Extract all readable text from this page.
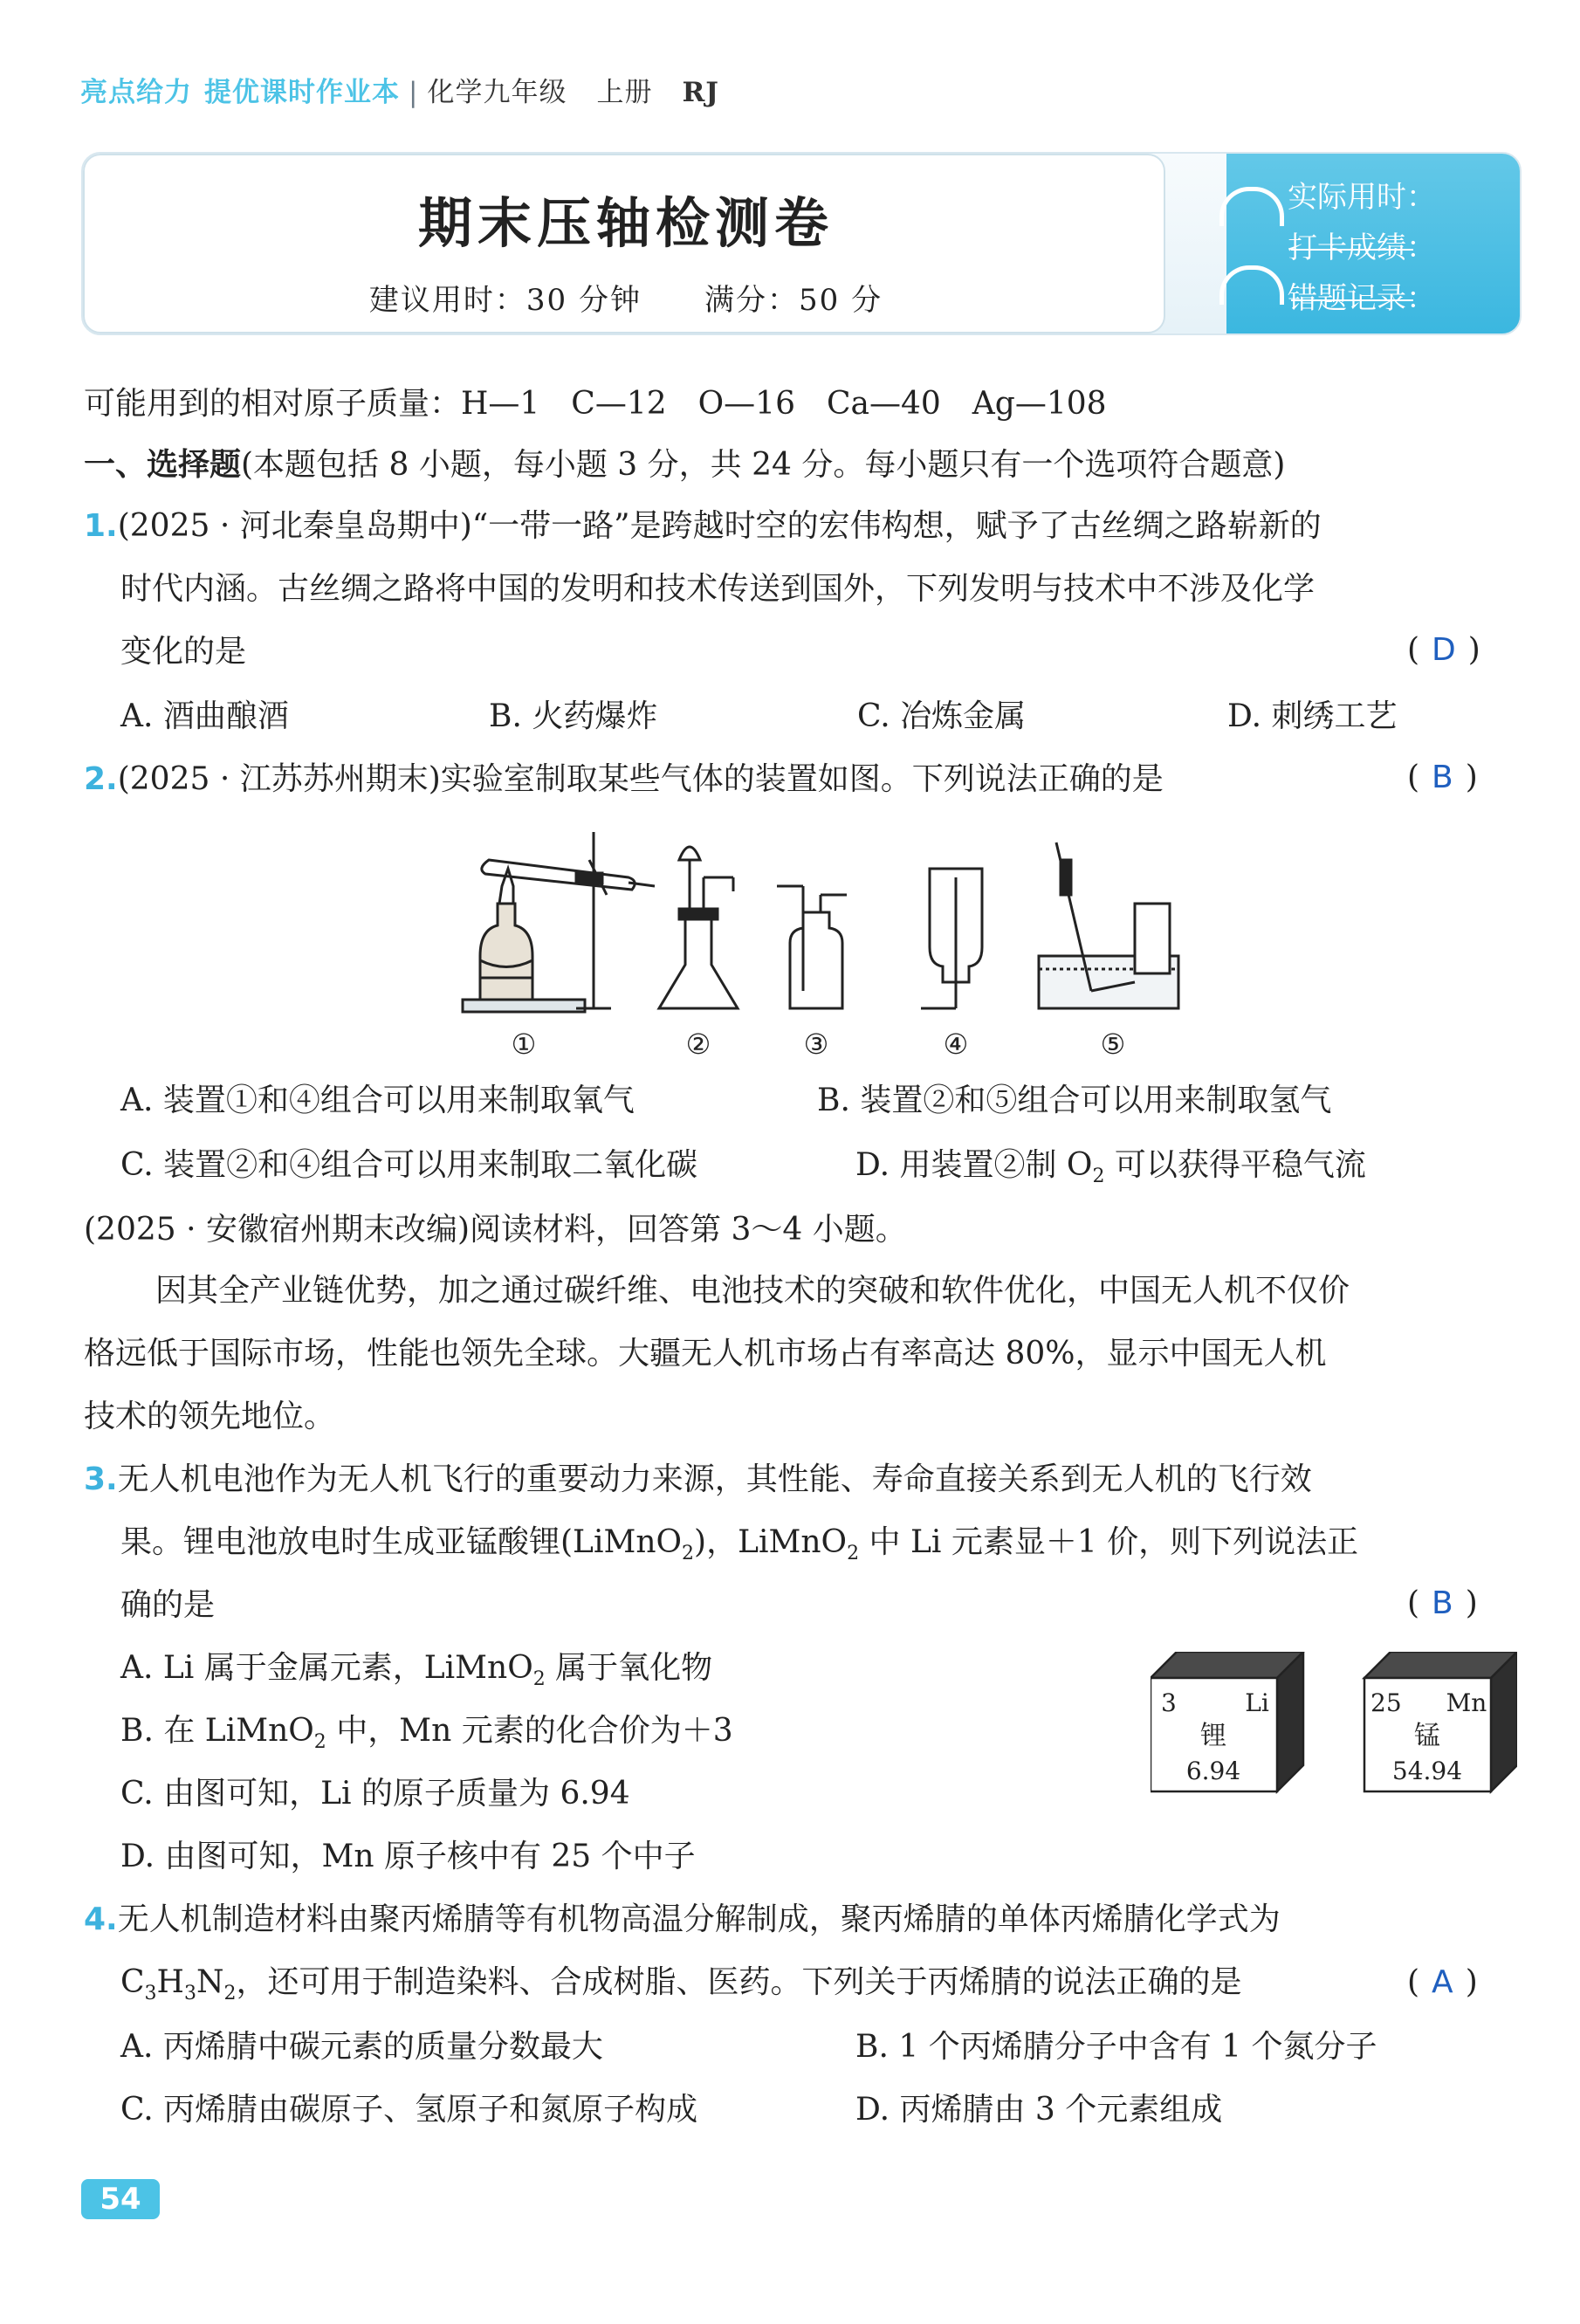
亮点给力 提优课时作业本 | 化学九年级 上册 RJ
期末压轴检测卷
建议用时：30 分钟 满分：50 分
实际用时：
打卡成绩：
错题记录：
可能用到的相对原子质量：H—1　C—12　O—16　Ca—40　Ag—108
一、选择题(本题包括 8 小题，每小题 3 分，共 24 分。每小题只有一个选项符合题意)
1.(2025 · 河北秦皇岛期中)“一带一路”是跨越时空的宏伟构想，赋予了古丝绸之路崭新的
时代内涵。古丝绸之路将中国的发明和技术传送到国外，下列发明与技术中不涉及化学
变化的是	( D )
A. 酒曲酿酒	B. 火药爆炸	C. 冶炼金属	D. 刺绣工艺
2.(2025 · 江苏苏州期末)实验室制取某些气体的装置如图。下列说法正确的是	( B )
①	②	③	④	⑤
A. 装置①和④组合可以用来制取氧气	B. 装置②和⑤组合可以用来制取氢气
C. 装置②和④组合可以用来制取二氧化碳	D. 用装置②制 $O_2$ 可以获得平稳气流
(2025 · 安徽宿州期末改编)阅读材料，回答第 3～4 小题。
因其全产业链优势，加之通过碳纤维、电池技术的突破和软件优化，中国无人机不仅价
格远低于国际市场，性能也领先全球。大疆无人机市场占有率高达 80%，显示中国无人机
技术的领先地位。
3.无人机电池作为无人机飞行的重要动力来源，其性能、寿命直接关系到无人机的飞行效
果。锂电池放电时生成亚锰酸锂(LiMnO$_2$)，LiMnO$_2$ 中 Li 元素显＋1 价，则下列说法正
确的是	( B )
A. Li 属于金属元素，LiMnO$_2$ 属于氧化物
B. 在 LiMnO$_2$ 中，Mn 元素的化合价为＋3
C. 由图可知，Li 的原子质量为 6.94
D. 由图可知，Mn 原子核中有 25 个中子
3	Li
锂
6.94
25 Mn
锰
54.94
4.无人机制造材料由聚丙烯腈等有机物高温分解制成，聚丙烯腈的单体丙烯腈化学式为
$C_3H_3N_2$，还可用于制造染料、合成树脂、医药。下列关于丙烯腈的说法正确的是	( A )
A. 丙烯腈中碳元素的质量分数最大	B. 1 个丙烯腈分子中含有 1 个氮分子
C. 丙烯腈由碳原子、氢原子和氮原子构成	D. 丙烯腈由 3 个元素组成
54
